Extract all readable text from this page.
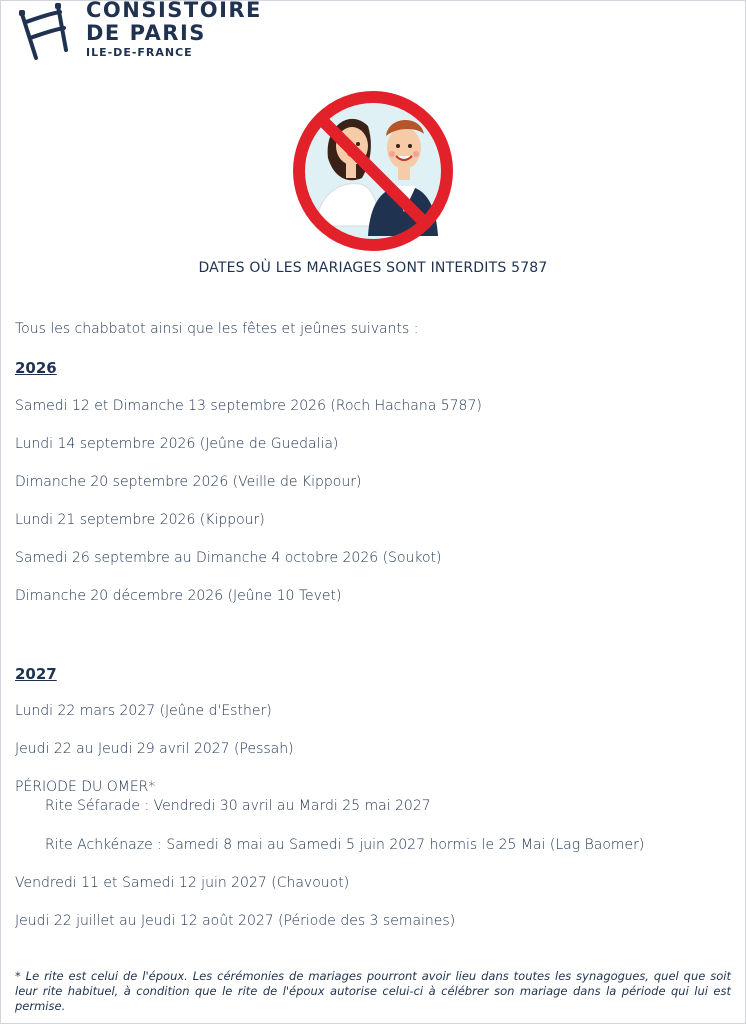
CONSISTOIRE
DE PARIS
ILE-DE-FRANCE
DATES OÙ LES MARIAGES SONT INTERDITS 5787
Tous les chabbatot ainsi que les fêtes et jeûnes suivants :
2026
Samedi 12 et Dimanche 13 septembre 2026 (Roch Hachana 5787)
Lundi 14 septembre 2026 (Jeûne de Guedalia)
Dimanche 20 septembre 2026 (Veille de Kippour)
Lundi 21 septembre 2026 (Kippour)
Samedi 26 septembre au Dimanche 4 octobre 2026 (Soukot)
Dimanche 20 décembre 2026 (Jeûne 10 Tevet)
2027
Lundi 22 mars 2027 (Jeûne d'Esther)
Jeudi 22 au Jeudi 29 avril 2027 (Pessah)
PÉRIODE DU OMER*
Rite Séfarade : Vendredi 30 avril au Mardi 25 mai 2027
Rite Achkénaze : Samedi 8 mai au Samedi 5 juin 2027 hormis le 25 Mai (Lag Baomer)
Vendredi 11 et Samedi 12 juin 2027 (Chavouot)
Jeudi 22 juillet au Jeudi 12 août 2027 (Période des 3 semaines)
* Le rite est celui de l'époux. Les cérémonies de mariages pourront avoir lieu dans toutes les synagogues, quel que soit leur rite habituel, à condition que le rite de l'époux autorise celui-ci à célébrer son mariage dans la période qui lui est permise.
